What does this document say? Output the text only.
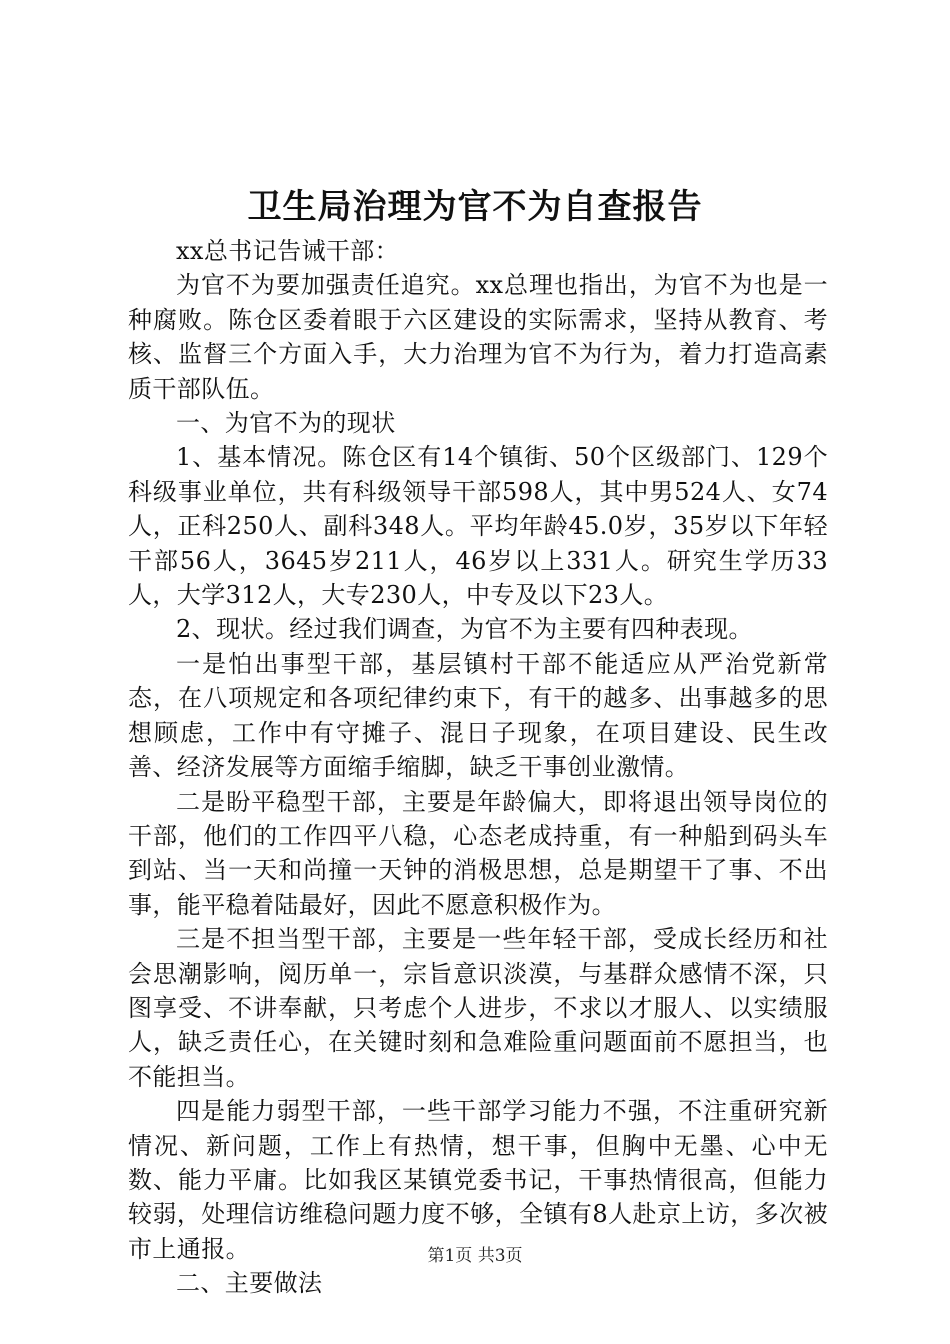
卫生局治理为官不为自查报告

xx总书记告诫干部：

为官不为要加强责任追究。xx总理也指出，为官不为也是一种腐败。陈仓区委着眼于六区建设的实际需求，坚持从教育、考核、监督三个方面入手，大力治理为官不为行为，着力打造高素质干部队伍。

一、为官不为的现状

1、基本情况。陈仓区有14个镇街、50个区级部门、129个科级事业单位，共有科级领导干部598人，其中男524人、女74人，正科250人、副科348人。平均年龄45.0岁，35岁以下年轻干部56人，3645岁211人，46岁以上331人。研究生学历33人，大学312人，大专230人，中专及以下23人。

2、现状。经过我们调查，为官不为主要有四种表现。

一是怕出事型干部，基层镇村干部不能适应从严治党新常态，在八项规定和各项纪律约束下，有干的越多、出事越多的思想顾虑，工作中有守摊子、混日子现象，在项目建设、民生改善、经济发展等方面缩手缩脚，缺乏干事创业激情。

二是盼平稳型干部，主要是年龄偏大，即将退出领导岗位的干部，他们的工作四平八稳，心态老成持重，有一种船到码头车到站、当一天和尚撞一天钟的消极思想，总是期望干了事、不出事，能平稳着陆最好，因此不愿意积极作为。

三是不担当型干部，主要是一些年轻干部，受成长经历和社会思潮影响，阅历单一，宗旨意识淡漠，与基群众感情不深，只图享受、不讲奉献，只考虑个人进步，不求以才服人、以实绩服人，缺乏责任心，在关键时刻和急难险重问题面前不愿担当，也不能担当。

四是能力弱型干部，一些干部学习能力不强，不注重研究新情况、新问题，工作上有热情，想干事，但胸中无墨、心中无数、能力平庸。比如我区某镇党委书记，干事热情很高，但能力较弱，处理信访维稳问题力度不够，全镇有8人赴京上访，多次被市上通报。

二、主要做法

第1页 共3页
